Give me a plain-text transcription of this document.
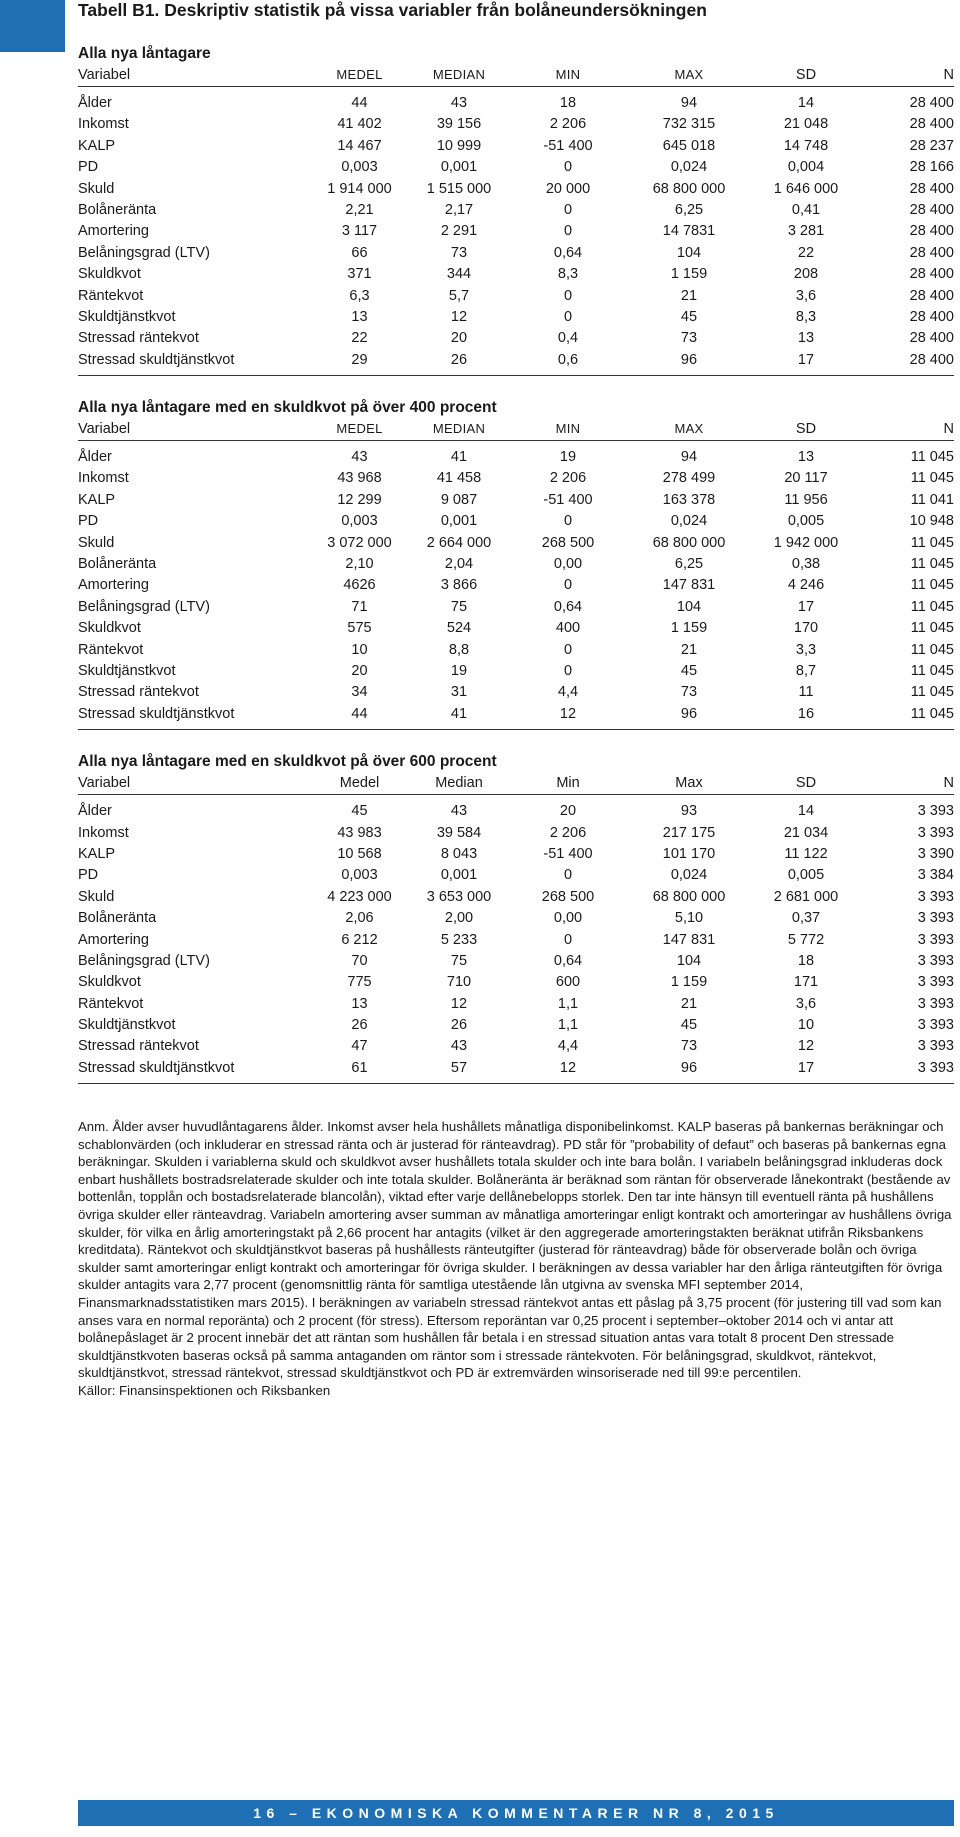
Tabell B1. Deskriptiv statistik på vissa variabler från bolåneundersökningen
Alla nya låntagare
Variabel	MEDEL	MEDIAN	MIN	MAX	SD	N
Ålder	44	43	18	94	14	28 400
Inkomst	41 402	39 156	2 206	732 315	21 048	28 400
KALP	14 467	10 999	-51 400	645 018	14 748	28 237
PD	0,003	0,001	0	0,024	0,004	28 166
Skuld	1 914 000	1 515 000	20 000	68 800 000	1 646 000	28 400
Bolåneränta	2,21	2,17	0	6,25	0,41	28 400
Amortering	3 117	2 291	0	14 7831	3 281	28 400
Belåningsgrad (LTV)	66	73	0,64	104	22	28 400
Skuldkvot	371	344	8,3	1 159	208	28 400
Räntekvot	6,3	5,7	0	21	3,6	28 400
Skuldtjänstkvot	13	12	0	45	8,3	28 400
Stressad räntekvot	22	20	0,4	73	13	28 400
Stressad skuldtjänstkvot	29	26	0,6	96	17	28 400
Alla nya låntagare med en skuldkvot på över 400 procent
Variabel	MEDEL	MEDIAN	MIN	MAX	SD	N
Ålder	43	41	19	94	13	11 045
Inkomst	43 968	41 458	2 206	278 499	20 117	11 045
KALP	12 299	9 087	-51 400	163 378	11 956	11 041
PD	0,003	0,001	0	0,024	0,005	10 948
Skuld	3 072 000	2 664 000	268 500	68 800 000	1 942 000	11 045
Bolåneränta	2,10	2,04	0,00	6,25	0,38	11 045
Amortering	4626	3 866	0	147 831	4 246	11 045
Belåningsgrad (LTV)	71	75	0,64	104	17	11 045
Skuldkvot	575	524	400	1 159	170	11 045
Räntekvot	10	8,8	0	21	3,3	11 045
Skuldtjänstkvot	20	19	0	45	8,7	11 045
Stressad räntekvot	34	31	4,4	73	11	11 045
Stressad skuldtjänstkvot	44	41	12	96	16	11 045
Alla nya låntagare med en skuldkvot på över 600 procent
Variabel	Medel	Median	Min	Max	SD	N
Ålder	45	43	20	93	14	3 393
Inkomst	43 983	39 584	2 206	217 175	21 034	3 393
KALP	10 568	8 043	-51 400	101 170	11 122	3 390
PD	0,003	0,001	0	0,024	0,005	3 384
Skuld	4 223 000	3 653 000	268 500	68 800 000	2 681 000	3 393
Bolåneränta	2,06	2,00	0,00	5,10	0,37	3 393
Amortering	6 212	5 233	0	147 831	5 772	3 393
Belåningsgrad (LTV)	70	75	0,64	104	18	3 393
Skuldkvot	775	710	600	1 159	171	3 393
Räntekvot	13	12	1,1	21	3,6	3 393
Skuldtjänstkvot	26	26	1,1	45	10	3 393
Stressad räntekvot	47	43	4,4	73	12	3 393
Stressad skuldtjänstkvot	61	57	12	96	17	3 393

Anm. Ålder avser huvudlåntagarens ålder. Inkomst avser hela hushållets månatliga disponibelinkomst. KALP baseras på bankernas beräkningar och schablonvärden (och inkluderar en stressad ränta och är justerad för ränteavdrag). PD står för ”probability of defaut” och baseras på bankernas egna beräkningar. Skulden i variablerna skuld och skuldkvot avser hushållets totala skulder och inte bara bolån. I variabeln belåningsgrad inkluderas dock enbart hushållets bostradsrelaterade skulder och inte totala skulder. Bolåneränta är beräknad som räntan för observerade lånekontrakt (bestående av bottenlån, topplån och bostadsrelaterade blancolån), viktad efter varje dellånebelopps storlek. Den tar inte hänsyn till eventuell ränta på hushållens övriga skulder eller ränteavdrag. Variabeln amortering avser summan av månatliga amorteringar enligt kontrakt och amorteringar av hushållens övriga skulder, för vilka en årlig amorteringstakt på 2,66 procent har antagits (vilket är den aggregerade amorteringstakten beräknat utifrån Riksbankens kreditdata). Räntekvot och skuldtjänstkvot baseras på hushållests ränteutgifter (justerad för ränteavdrag) både för observerade bolån och övriga skulder samt amorteringar enligt kontrakt och amorteringar för övriga skulder. I beräkningen av dessa variabler har den årliga ränteutgiften för övriga skulder antagits vara 2,77 procent (genomsnittlig ränta för samtliga utestående lån utgivna av svenska MFI september 2014, Finansmarknadsstatistiken mars 2015). I beräkningen av variabeln stressad räntekvot antas ett påslag på 3,75 procent (för justering till vad som kan anses vara en normal reporänta) och 2 procent (för stress). Eftersom reporäntan var 0,25 procent i september–oktober 2014 och vi antar att bolånepåslaget är 2 procent innebär det att räntan som hushållen får betala i en stressad situation antas vara totalt 8 procent Den stressade skuldtjänstkvoten baseras också på samma antaganden om räntor som i stressade räntekvoten. För belåningsgrad, skuldkvot, räntekvot, skuldtjänstkvot, stressad räntekvot, stressad skuldtjänstkvot och PD är extremvärden winsoriserade ned till 99:e percentilen.

Källor: Finansinspektionen och Riksbanken

16 – EKONOMISKA KOMMENTARER NR 8, 2015
